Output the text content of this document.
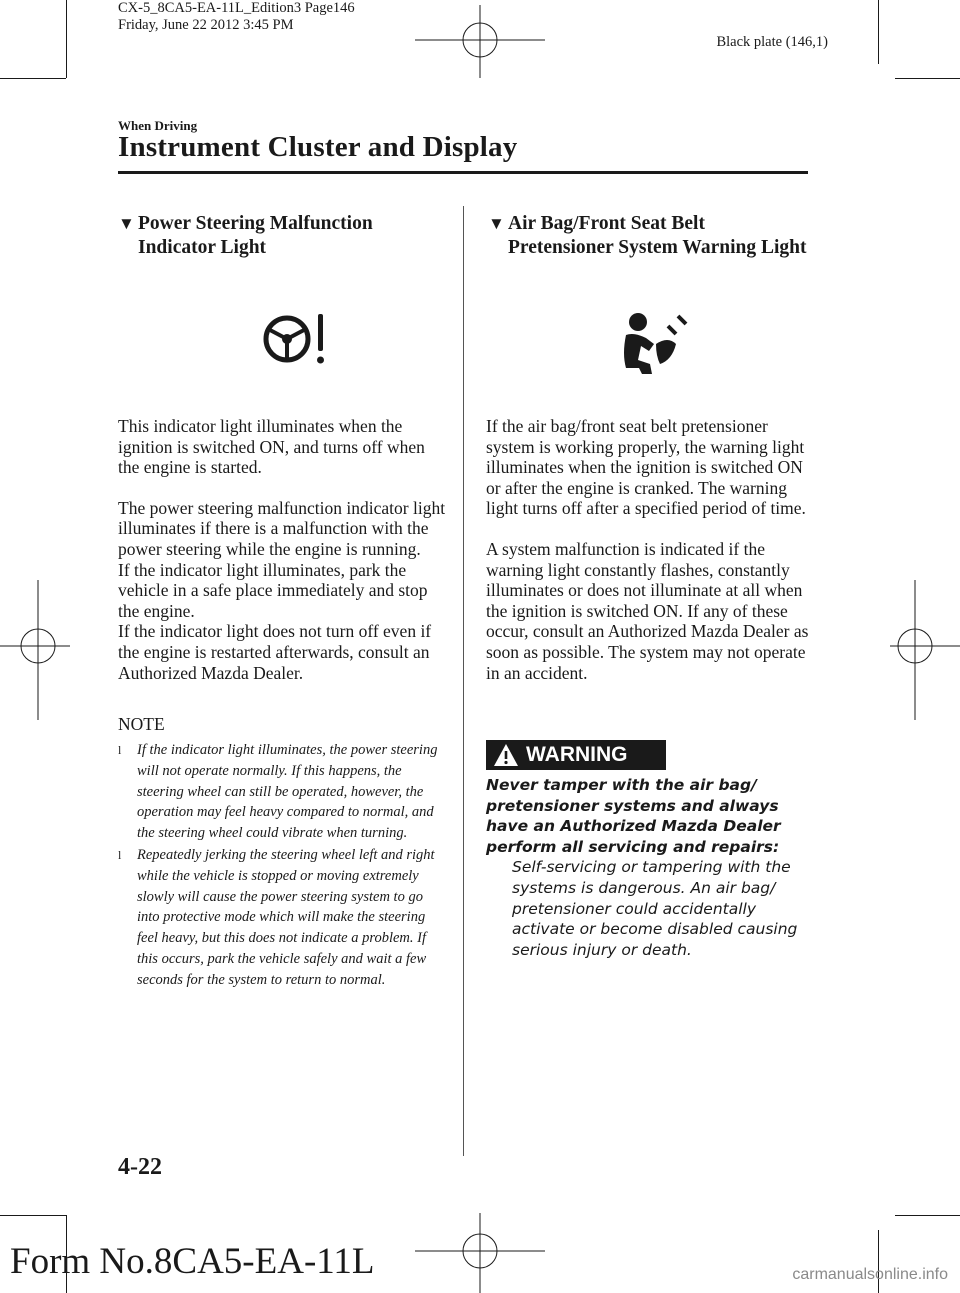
CX-5_8CA5-EA-11L_Edition3 Page146
Friday, June 22 2012 3:45 PM
Black plate (146,1)
When Driving
Instrument Cluster and Display
▼ Power Steering Malfunction
Indicator Light

This indicator light illuminates when the ignition is switched ON, and turns off when the engine is started.

The power steering malfunction indicator light illuminates if there is a malfunction with the power steering while the engine is running.

If the indicator light illuminates, park the vehicle in a safe place immediately and stop the engine.

If the indicator light does not turn off even if the engine is restarted afterwards, consult an Authorized Mazda Dealer.

NOTE
l If the indicator light illuminates, the power steering will not operate normally. If this happens, the steering wheel can still be operated, however, the operation may feel heavy compared to normal, and the steering wheel could vibrate when turning.
l Repeatedly jerking the steering wheel left and right while the vehicle is stopped or moving extremely slowly will cause the power steering system to go into protective mode which will make the steering feel heavy, but this does not indicate a problem. If this occurs, park the vehicle safely and wait a few seconds for the system to return to normal.
▼ Air Bag/Front Seat Belt
Pretensioner System Warning Light

If the air bag/front seat belt pretensioner system is working properly, the warning light illuminates when the ignition is switched ON or after the engine is cranked. The warning light turns off after a specified period of time.

A system malfunction is indicated if the warning light constantly flashes, constantly illuminates or does not illuminate at all when the ignition is switched ON. If any of these occur, consult an Authorized Mazda Dealer as soon as possible. The system may not operate in an accident.

WARNING
Never tamper with the air bag/ pretensioner systems and always have an Authorized Mazda Dealer perform all servicing and repairs:
Self-servicing or tampering with the systems is dangerous. An air bag/ pretensioner could accidentally activate or become disabled causing serious injury or death.
4-22
Form No.8CA5-EA-11L	carmanualsonline.info
